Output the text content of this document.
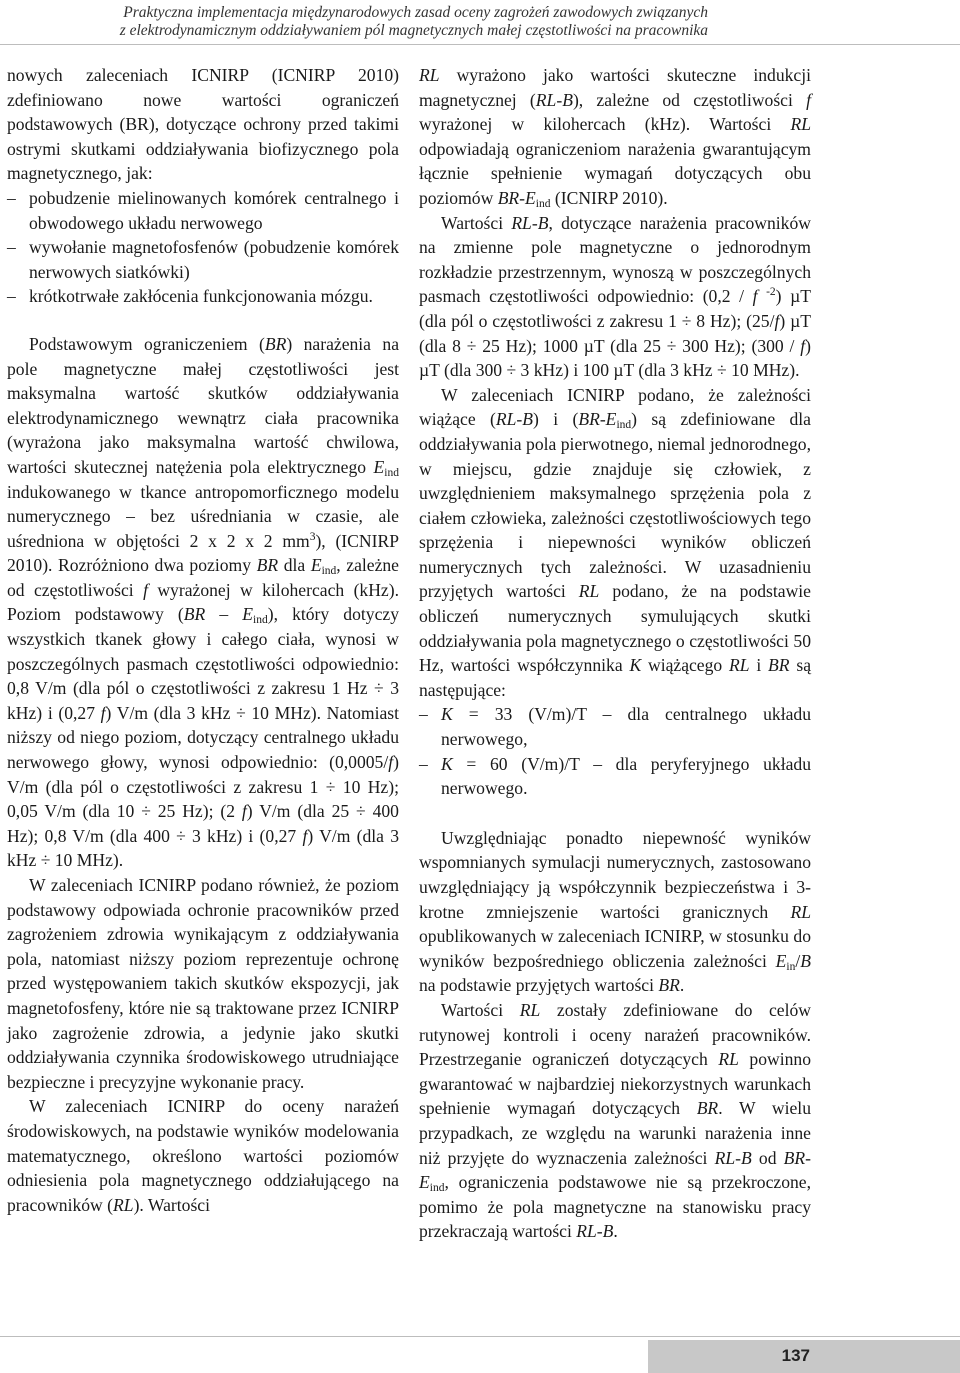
Praktyczna implementacja międzynarodowych zasad oceny zagrożeń zawodowych związanych
z elektrodynamicznym oddziaływaniem pól magnetycznych małej częstotliwości na pracownika

nowych zaleceniach ICNIRP (ICNIRP 2010) zdefiniowano nowe wartości ograniczeń podstawowych (BR), dotyczące ochrony przed takimi ostrymi skutkami oddziaływania biofizycznego pola magnetycznego, jak:

– pobudzenie mielinowanych komórek centralnego i obwodowego układu nerwowego
– wywołanie magnetofosfenów (pobudzenie komórek nerwowych siatkówki)
– krótkotrwałe zakłócenia funkcjonowania mózgu.

Podstawowym ograniczeniem (BR) narażenia na pole magnetyczne małej częstotliwości jest maksymalna wartość skutków oddziaływania elektrodynamicznego wewnątrz ciała pracownika (wyrażona jako maksymalna wartość chwilowa, wartości skutecznej natężenia pola elektrycznego $E_{ind}$ indukowanego w tkance antropomorficznego modelu numerycznego – bez uśredniania w czasie, ale uśredniona w objętości 2 x 2 x 2 $mm^3$), (ICNIRP 2010). Rozróżniono dwa poziomy BR dla $E_{ind}$, zależne od częstotliwości f wyrażonej w kilohercach (kHz). Poziom podstawowy $(BR - E_{ind})$, który dotyczy wszystkich tkanek głowy i całego ciała, wynosi w poszczególnych pasmach częstotliwości odpowiednio: 0,8 V/m (dla pól o częstotliwości z zakresu 1 Hz ÷ 3 kHz) i (0,27 f) V/m (dla 3 kHz ÷ 10 MHz). Natomiast niższy od niego poziom, dotyczący centralnego układu nerwowego głowy, wynosi odpowiednio: (0,0005/f) V/m (dla pól o częstotliwości z zakresu 1 ÷ 10 Hz); 0,05 V/m (dla 10 ÷ 25 Hz); (2 f) V/m (dla 25 ÷ 400 Hz); 0,8 V/m (dla 400 ÷ 3 kHz) i (0,27 f) V/m (dla 3 kHz ÷ 10 MHz).

W zaleceniach ICNIRP podano również, że poziom podstawowy odpowiada ochronie pracowników przed zagrożeniem zdrowia wynikającym z oddziaływania pola, natomiast niższy poziom reprezentuje ochronę przed występowaniem takich skutków ekspozycji, jak magnetofosfeny, które nie są traktowane przez ICNIRP jako zagrożenie zdrowia, a jedynie jako skutki oddziaływania czynnika środowiskowego utrudniające bezpieczne i precyzyjne wykonanie pracy.

W zaleceniach ICNIRP do oceny narażeń środowiskowych, na podstawie wyników modelowania matematycznego, określono wartości poziomów odniesienia pola magnetycznego oddziałującego na pracowników (RL). Wartości

RL wyrażono jako wartości skuteczne indukcji magnetycznej (RL-B), zależne od częstotliwości f wyrażonej w kilohercach (kHz). Wartości RL odpowiadają ograniczeniom narażenia gwarantującym łącznie spełnienie wymagań dotyczących obu poziomów $BR-E_{ind}$ (ICNIRP 2010).

Wartości RL-B, dotyczące narażenia pracowników na zmienne pole magnetyczne o jednorodnym rozkładzie przestrzennym, wynoszą w poszczególnych pasmach częstotliwości odpowiednio: (0,2 / f $^{-2}$) µT (dla pól o częstotliwości z zakresu 1 ÷ 8 Hz); (25/f) µT (dla 8 ÷ 25 Hz); 1000 µT (dla 25 ÷ 300 Hz); (300 / f) µT (dla 300 ÷ 3 kHz) i 100 µT (dla 3 kHz ÷ 10 MHz).

W zaleceniach ICNIRP podano, że zależności wiążące (RL-B) i $(BR-E_{ind})$ są zdefiniowane dla oddziaływania pola pierwotnego, niemal jednorodnego, w miejscu, gdzie znajduje się człowiek, z uwzględnieniem maksymalnego sprzężenia pola z ciałem człowieka, zależności częstotliwościowych tego sprzężenia i niepewności wyników obliczeń numerycznych tych zależności. W uzasadnieniu przyjętych wartości RL podano, że na podstawie obliczeń numerycznych symulujących skutki oddziaływania pola magnetycznego o częstotliwości 50 Hz, wartości współczynnika K wiążącego RL i BR są następujące:

– K = 33 (V/m)/T – dla centralnego układu nerwowego,
– K = 60 (V/m)/T – dla peryferyjnego układu nerwowego.

Uwzględniając ponadto niepewność wyników wspomnianych symulacji numerycznych, zastosowano uwzględniający ją współczynnik bezpieczeństwa i 3-krotne zmniejszenie wartości granicznych RL opublikowanych w zaleceniach ICNIRP, w stosunku do wyników bezpośredniego obliczenia zależności $E_{in}/B$ na podstawie przyjętych wartości BR.

Wartości RL zostały zdefiniowane do celów rutynowej kontroli i oceny narażeń pracowników. Przestrzeganie ograniczeń dotyczących RL powinno gwarantować w najbardziej niekorzystnych warunkach spełnienie wymagań dotyczących BR. W wielu przypadkach, ze względu na warunki narażenia inne niż przyjęte do wyznaczenia zależności RL-B od $BR-E_{ind}$, ograniczenia podstawowe nie są przekroczone, pomimo że pola magnetyczne na stanowisku pracy przekraczają wartości RL-B.

137
